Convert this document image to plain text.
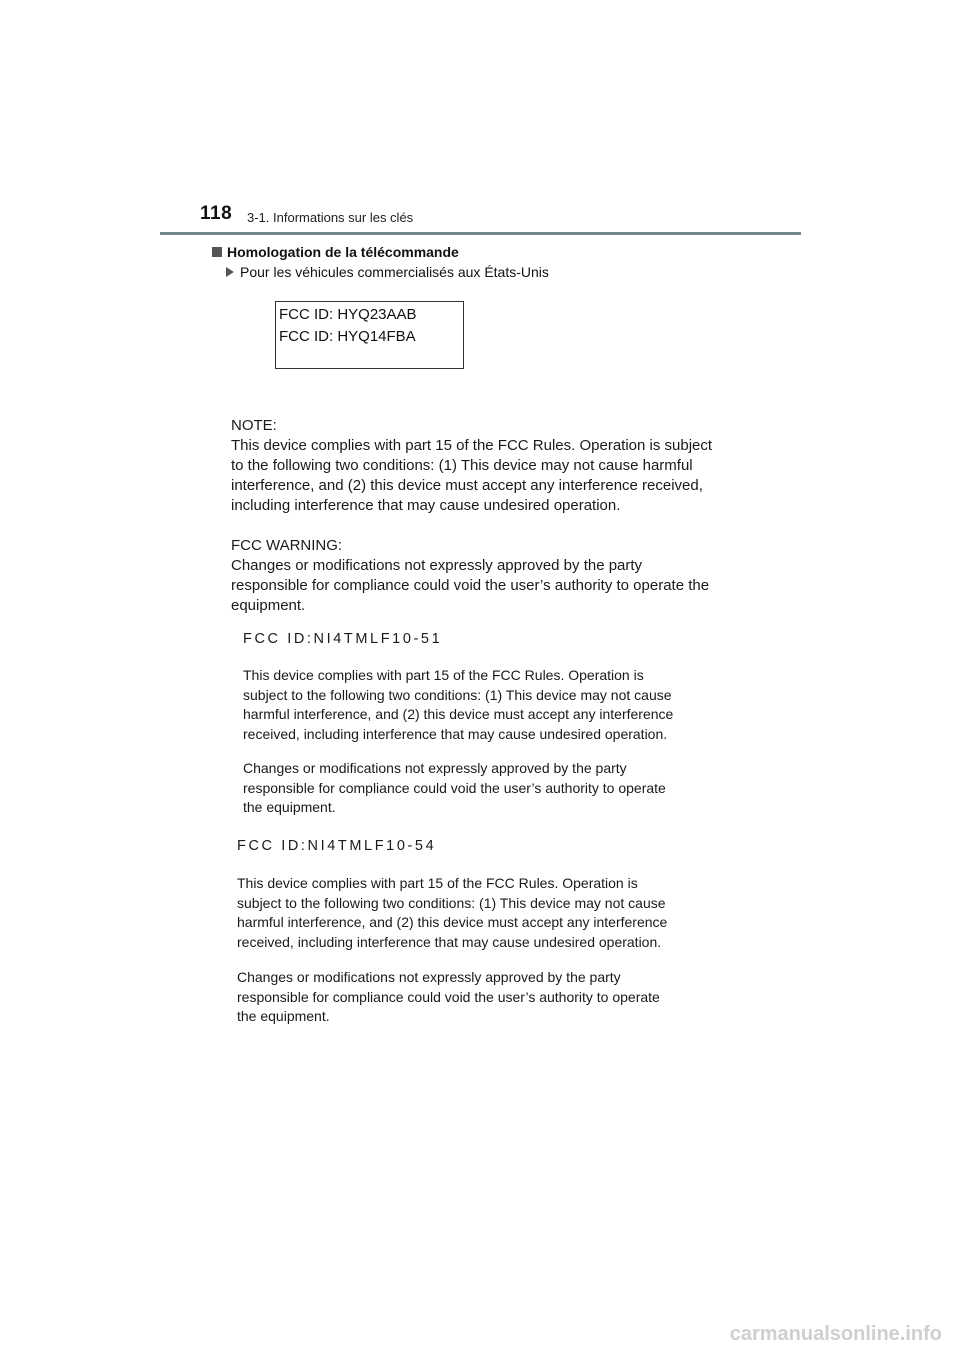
118 3-1. Informations sur les clés
Homologation de la télécommande
Pour les véhicules commercialisés aux États-Unis
FCC ID: HYQ23AAB
FCC ID: HYQ14FBA

NOTE:

This device complies with part 15 of the FCC Rules. Operation is subject

to the following two conditions: (1) This device may not cause harmful

interference, and (2) this device must accept any interference received,

including interference that may cause undesired operation.

FCC WARNING:

Changes or modifications not expressly approved by the party

responsible for compliance could void the user’s authority to operate the

equipment.

FCC ID:NI4TMLF10-51

This device complies with part 15 of the FCC Rules. Operation is

subject to the following two conditions: (1) This device may not cause

harmful interference, and (2) this device must accept any interference

received, including interference that may cause undesired operation.

Changes or modifications not expressly approved by the party

responsible for compliance could void the user’s authority to operate

the equipment.

FCC ID:NI4TMLF10-54

This device complies with part 15 of the FCC Rules. Operation is

subject to the following two conditions: (1) This device may not cause

harmful interference, and (2) this device must accept any interference

received, including interference that may cause undesired operation.

Changes or modifications not expressly approved by the party

responsible for compliance could void the user’s authority to operate

the equipment.

carmanualsonline.info
